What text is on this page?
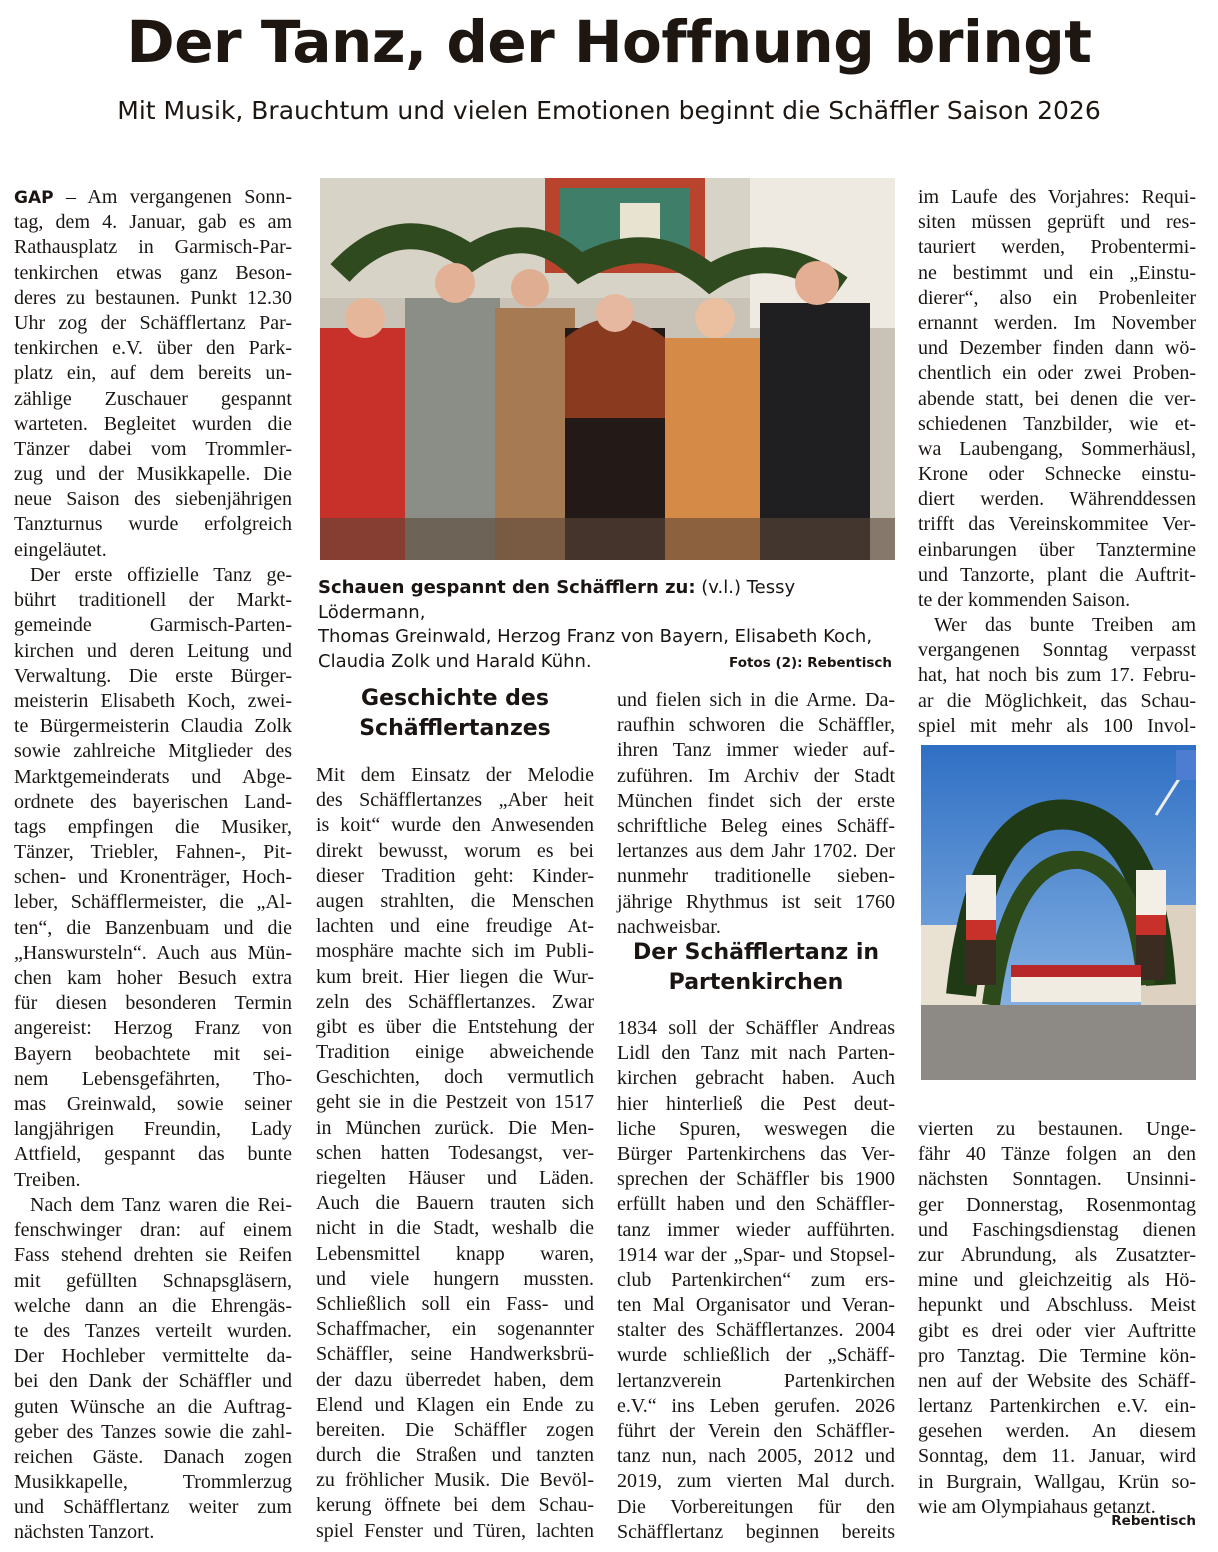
Der Tanz, der Hoffnung bringt
Mit Musik, Brauchtum und vielen Emotionen beginnt die Schäffler Saison 2026
Schauen gespannt den Schäfflern zu: (v.l.) Tessy Lödermann,
Thomas Greinwald, Herzog Franz von Bayern, Elisabeth Koch,
Claudia Zolk und Harald Kühn.	Fotos (2): Rebentisch
GAP – Am vergangenen Sonn-
tag, dem 4. Januar, gab es am
Rathausplatz in Garmisch-Par-
tenkirchen etwas ganz Beson-
deres zu bestaunen. Punkt 12.30
Uhr zog der Schäfflertanz Par-
tenkirchen e.V. über den Park-
platz ein, auf dem bereits un-
zählige Zuschauer gespannt
warteten. Begleitet wurden die
Tänzer dabei vom Trommler-
zug und der Musikkapelle. Die
neue Saison des siebenjährigen
Tanzturnus wurde erfolgreich
eingeläutet.
Der erste offizielle Tanz ge-
bührt traditionell der Markt-
gemeinde Garmisch-Parten-
kirchen und deren Leitung und
Verwaltung. Die erste Bürger-
meisterin Elisabeth Koch, zwei-
te Bürgermeisterin Claudia Zolk
sowie zahlreiche Mitglieder des
Marktgemeinderats und Abge-
ordnete des bayerischen Land-
tags empfingen die Musiker,
Tänzer, Triebler, Fahnen-, Pit-
schen- und Kronenträger, Hoch-
leber, Schäfflermeister, die „Al-
ten“, die Banzenbuam und die
„Hanswursteln“. Auch aus Mün-
chen kam hoher Besuch extra
für diesen besonderen Termin
angereist: Herzog Franz von
Bayern beobachtete mit sei-
nem Lebensgefährten, Tho-
mas Greinwald, sowie seiner
langjährigen Freundin, Lady
Attfield, gespannt das bunte
Treiben.
Nach dem Tanz waren die Rei-
fenschwinger dran: auf einem
Fass stehend drehten sie Reifen
mit gefüllten Schnapsgläsern,
welche dann an die Ehrengäs-
te des Tanzes verteilt wurden.
Der Hochleber vermittelte da-
bei den Dank der Schäffler und
guten Wünsche an die Auftrag-
geber des Tanzes sowie die zahl-
reichen Gäste. Danach zogen
Musikkapelle, Trommlerzug
und Schäfflertanz weiter zum
nächsten Tanzort.
Geschichte des
Schäfflertanzes
Mit dem Einsatz der Melodie
des Schäfflertanzes „Aber heit
is koit“ wurde den Anwesenden
direkt bewusst, worum es bei
dieser Tradition geht: Kinder-
augen strahlten, die Menschen
lachten und eine freudige At-
mosphäre machte sich im Publi-
kum breit. Hier liegen die Wur-
zeln des Schäfflertanzes. Zwar
gibt es über die Entstehung der
Tradition einige abweichende
Geschichten, doch vermutlich
geht sie in die Pestzeit von 1517
in München zurück. Die Men-
schen hatten Todesangst, ver-
riegelten Häuser und Läden.
Auch die Bauern trauten sich
nicht in die Stadt, weshalb die
Lebensmittel knapp waren,
und viele hungern mussten.
Schließlich soll ein Fass- und
Schaffmacher, ein sogenannter
Schäffler, seine Handwerksbrü-
der dazu überredet haben, dem
Elend und Klagen ein Ende zu
bereiten. Die Schäffler zogen
durch die Straßen und tanzten
zu fröhlicher Musik. Die Bevöl-
kerung öffnete bei dem Schau-
spiel Fenster und Türen, lachten
und fielen sich in die Arme. Da-
raufhin schworen die Schäffler,
ihren Tanz immer wieder auf-
zuführen. Im Archiv der Stadt
München findet sich der erste
schriftliche Beleg eines Schäff-
lertanzes aus dem Jahr 1702. Der
nunmehr traditionelle sieben-
jährige Rhythmus ist seit 1760
nachweisbar.
Der Schäfflertanz in
Partenkirchen
1834 soll der Schäffler Andreas
Lidl den Tanz mit nach Parten-
kirchen gebracht haben. Auch
hier hinterließ die Pest deut-
liche Spuren, weswegen die
Bürger Partenkirchens das Ver-
sprechen der Schäffler bis 1900
erfüllt haben und den Schäffler-
tanz immer wieder aufführten.
1914 war der „Spar- und Stopsel-
club Partenkirchen“ zum ers-
ten Mal Organisator und Veran-
stalter des Schäfflertanzes. 2004
wurde schließlich der „Schäff-
lertanzverein Partenkirchen
e.V.“ ins Leben gerufen. 2026
führt der Verein den Schäffler-
tanz nun, nach 2005, 2012 und
2019, zum vierten Mal durch.
Die Vorbereitungen für den
Schäfflertanz beginnen bereits
im Laufe des Vorjahres: Requi-
siten müssen geprüft und res-
tauriert werden, Probentermi-
ne bestimmt und ein „Einstu-
dierer“, also ein Probenleiter
ernannt werden. Im November
und Dezember finden dann wö-
chentlich ein oder zwei Proben-
abende statt, bei denen die ver-
schiedenen Tanzbilder, wie et-
wa Laubengang, Sommerhäusl,
Krone oder Schnecke einstu-
diert werden. Währenddessen
trifft das Vereinskommitee Ver-
einbarungen über Tanztermine
und Tanzorte, plant die Auftrit-
te der kommenden Saison.
Wer das bunte Treiben am
vergangenen Sonntag verpasst
hat, hat noch bis zum 17. Febru-
ar die Möglichkeit, das Schau-
spiel mit mehr als 100 Invol-
vierten zu bestaunen. Unge-
fähr 40 Tänze folgen an den
nächsten Sonntagen. Unsinni-
ger Donnerstag, Rosenmontag
und Faschingsdienstag dienen
zur Abrundung, als Zusatzter-
mine und gleichzeitig als Hö-
hepunkt und Abschluss. Meist
gibt es drei oder vier Auftritte
pro Tanztag. Die Termine kön-
nen auf der Website des Schäff-
lertanz Partenkirchen e.V. ein-
gesehen werden. An diesem
Sonntag, dem 11. Januar, wird
in Burgrain, Wallgau, Krün so-
wie am Olympiahaus getanzt.
Rebentisch
